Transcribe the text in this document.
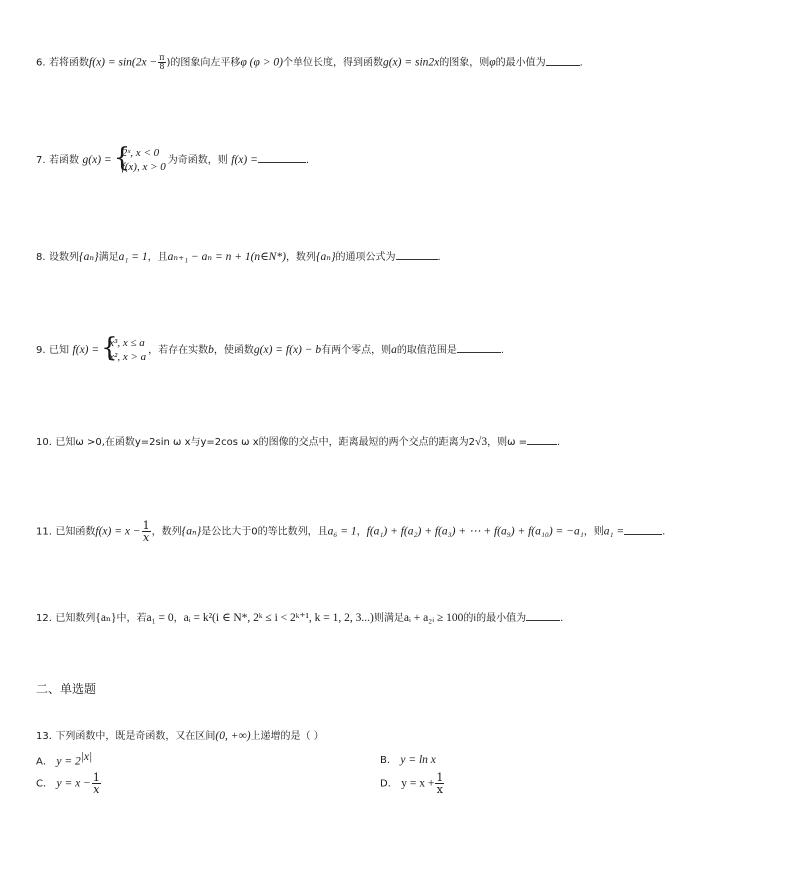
6. 若将函数$f(x) = \sin(2x - \frac{\pi}{8}$ )的图象向左平移φ (φ > 0)个单位长度，得到函数g(x) = sin2x的图象，则φ的最小值为	.
7. 若函数 g(x) = {
2ˣ, x < 0
f(x), x > 0
为奇函数，则 f(x) =	.
8. 设数列{aₙ}满足a₁ = 1，且aₙ₊₁ − aₙ = n + 1(n∈N*)，数列{aₙ}的通项公式为	.
9. 已知 f(x) = {
x³, x ≤ a
x², x > a
，若存在实数b，使函数g(x) = f(x) − b有两个零点，则a的取值范围是	.
10. 已知ω >0,在函数y=2sin ω x与y=2cos ω x的图像的交点中，距离最短的两个交点的距离为2√3，则ω =	.
11. 已知函数$f(x) = x - \frac{1}{x}$ ，数列{aₙ}是公比大于0的等比数列，且a₆ = 1，f(a₁) + f(a₂) + f(a₃) + ⋯ + f(a₉) + f(a₁₀) = −a₁，则a₁ =	.
12. 已知数列{aₙ}中，若a₁ = 0，aᵢ = k²(i ∈ N*, 2ᵏ ≤ i < 2ᵏ⁺¹, k = 1, 2, 3...)则满足aᵢ + a₂ᵢ ≥ 100的i的最小值为	.
二、单选题
13. 下列函数中，既是奇函数，又在区间(0, +∞)上递增的是（ ）
A． $y = 2^{|x|}$	B． y = ln x
C． $y = x - \frac{1}{x}$	D． $y = x + \frac{1}{x}$
